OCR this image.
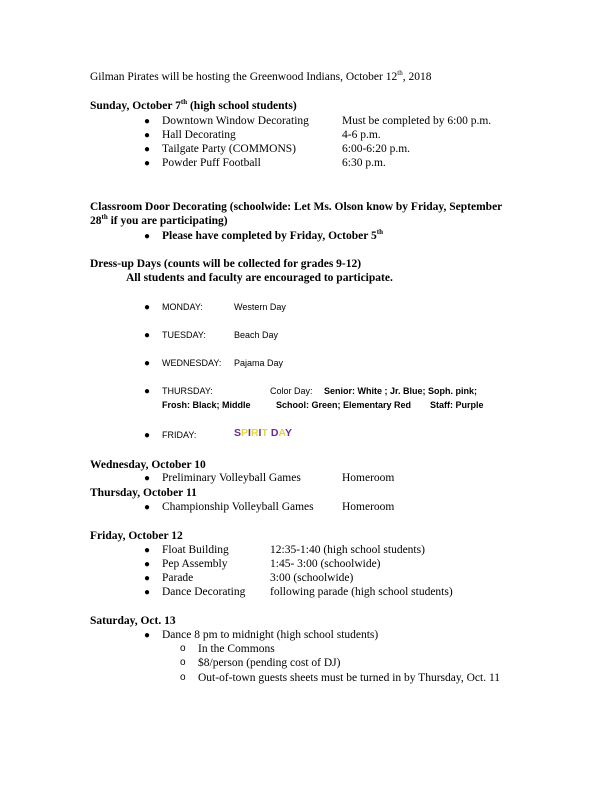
Gilman Pirates will be hosting the Greenwood Indians, October 12th, 2018
Sunday, October 7th (high school students)
● Downtown Window Decorating	Must be completed by 6:00 p.m.
● Hall Decorating	4-6 p.m.
● Tailgate Party (COMMONS)	6:00-6:20 p.m.
● Powder Puff Football	6:30 p.m.
Classroom Door Decorating (schoolwide: Let Ms. Olson know by Friday, September
28th if you are participating)
● Please have completed by Friday, October 5th
Dress-up Days (counts will be collected for grades 9-12)
All students and faculty are encouraged to participate.
● MONDAY:	Western Day
● TUESDAY:	Beach Day
● WEDNESDAY: Pajama Day
● THURSDAY:	Color Day: Senior: White ; Jr. Blue; Soph. pink;
Frosh: Black; Middle	School: Green; Elementary Red Staff: Purple
● FRIDAY:	SPIRIT DAY
Wednesday, October 10
● Preliminary Volleyball Games	Homeroom
Thursday, October 11
● Championship Volleyball Games Homeroom
Friday, October 12
● Float Building	12:35-1:40 (high school students)
● Pep Assembly	1:45- 3:00 (schoolwide)
● Parade	3:00 (schoolwide)
● Dance Decorating following parade (high school students)
Saturday, Oct. 13
● Dance 8 pm to midnight (high school students)
o In the Commons
o $8/person (pending cost of DJ)
o Out-of-town guests sheets must be turned in by Thursday, Oct. 11
